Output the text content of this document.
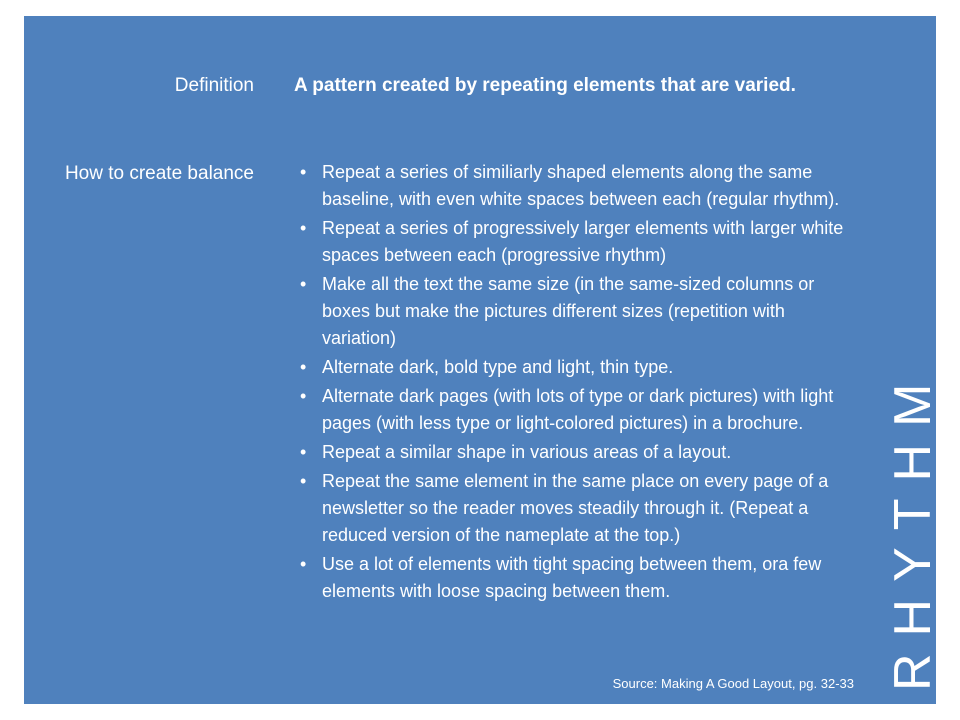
Definition A pattern created by repeating elements that are varied.
How to create balance	• Repeat a series of similiarly shaped elements along the same baseline, with even white spaces between each (regular rhythm).
• Repeat a series of progressively larger elements with larger white spaces between each (progressive rhythm)
• Make all the text the same size (in the same-sized columns or boxes but make the pictures different sizes (repetition with variation)
• Alternate dark, bold type and light, thin type.
• Alternate dark pages (with lots of type or dark pictures) with light pages (with less type or light-colored pictures) in a brochure.
• Repeat a similar shape in various areas of a layout.
• Repeat the same element in the same place on every page of a newsletter so the reader moves steadily through it. (Repeat a reduced version of the nameplate at the top.)
• Use a lot of elements with tight spacing between them, ora few elements with loose spacing between them.
Source: Making A Good Layout, pg. 32-33 RHYTHM
